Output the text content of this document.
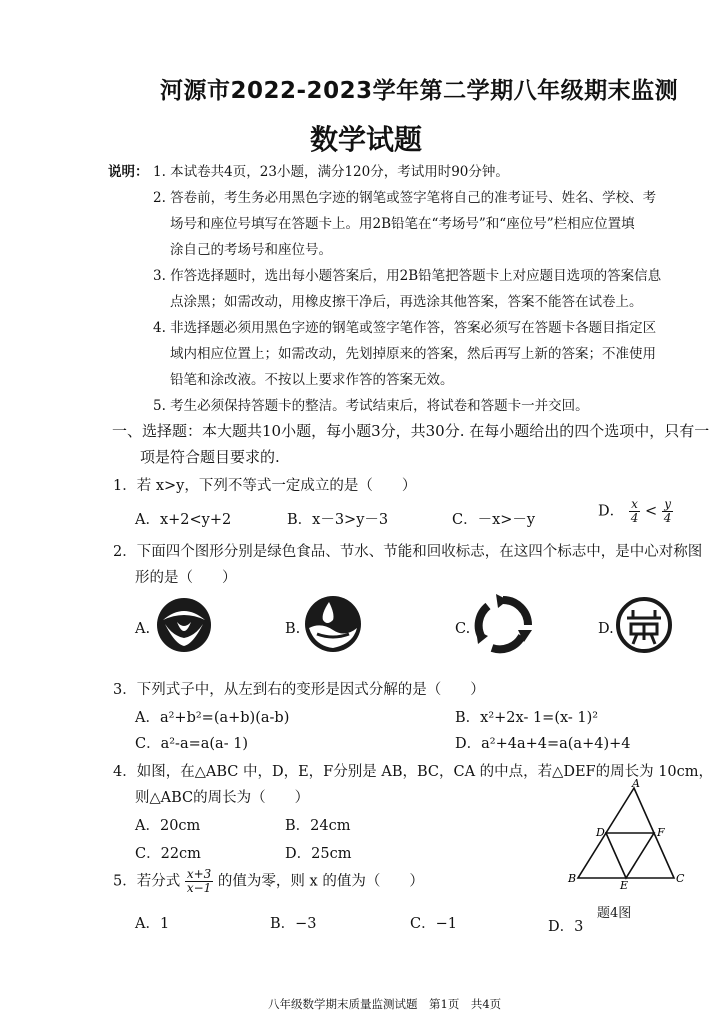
河源市2022-2023学年第二学期八年级期末监测
数学试题
说明： 1. 本试卷共4页，23小题，满分120分，考试用时90分钟。
2. 答卷前，考生务必用黑色字迹的钢笔或签字笔将自己的准考证号、姓名、学校、考
场号和座位号填写在答题卡上。用2B铅笔在“考场号”和“座位号”栏相应位置填
涂自己的考场号和座位号。
3. 作答选择题时，选出每小题答案后，用2B铅笔把答题卡上对应题目选项的答案信息
点涂黑；如需改动，用橡皮擦干净后，再选涂其他答案，答案不能答在试卷上。
4. 非选择题必须用黑色字迹的钢笔或签字笔作答，答案必须写在答题卡各题目指定区
域内相应位置上；如需改动，先划掉原来的答案，然后再写上新的答案；不准使用
铅笔和涂改液。不按以上要求作答的答案无效。
5. 考生必须保持答题卡的整洁。考试结束后，将试卷和答题卡一并交回。
一、选择题：本大题共10小题，每小题3分，共30分. 在每小题给出的四个选项中，只有一
项是符合题目要求的.
1．若 x>y，下列不等式一定成立的是（　　）
A．x+2<y+2	B．x－3>y－3	C．－x>－y
D． $\frac{x}{4} < \frac{y}{4}$
2．下面四个图形分别是绿色食品、节水、节能和回收标志，在这四个标志中，是中心对称图
形的是（　　）
A.	B.	C.	D.
3．下列式子中，从左到右的变形是因式分解的是（　　）
A．a²+b²=(a+b)(a-b)	B．x²+2x- 1=(x- 1)²
C．a²-a=a(a- 1)	D．a²+4a+4=a(a+4)+4
4．如图，在△ABC 中，D，E，F分别是 AB，BC，CA 的中点，若△DEF的周长为 10cm，
则△ABC的周长为（　　）
A．20cm	B．24cm
C．22cm	D．25cm
A
D	F
B
E
C
题4图
5．若分式 $\frac{x+3}{x-1}$ 的值为零，则 x 的值为（　　）
A．1	B．−3	C．−1	D．3
八年级数学期末质量监测试题　第1页　共4页
